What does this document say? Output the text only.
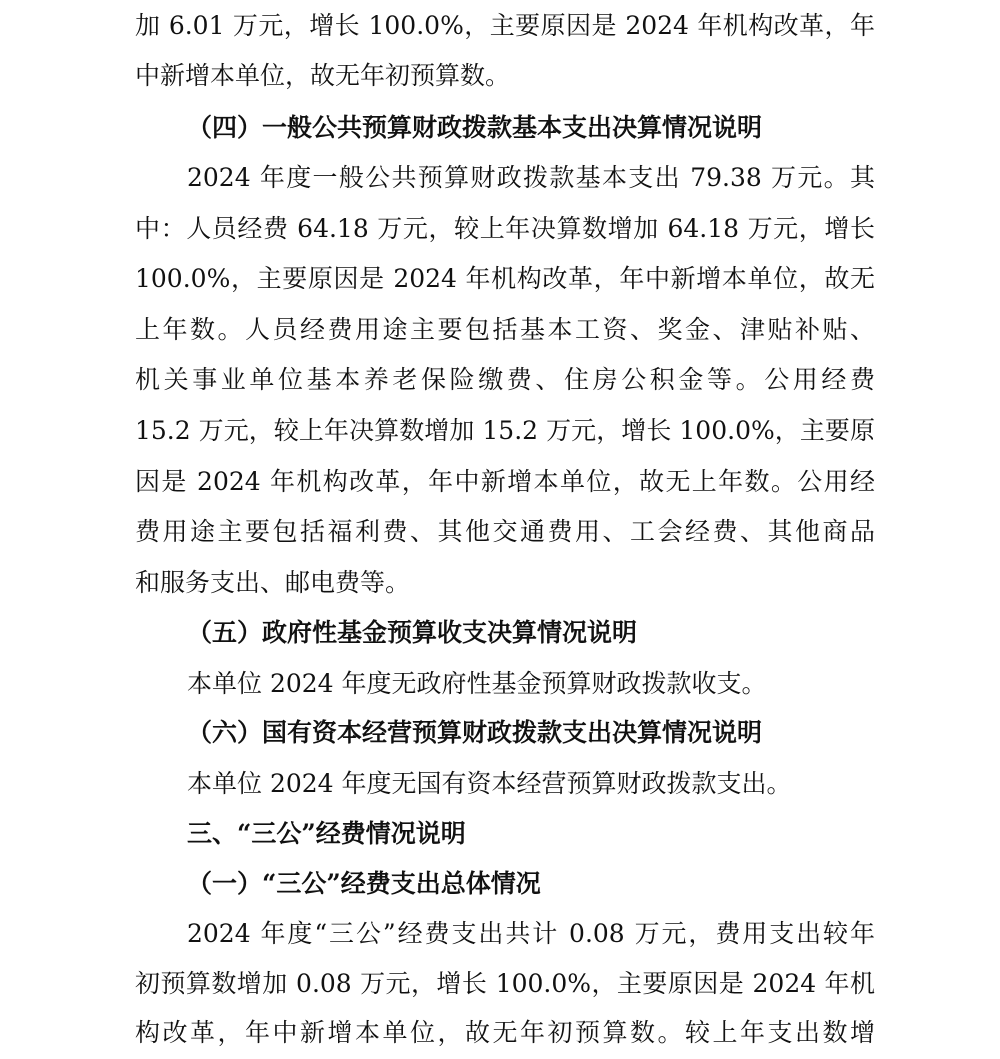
加 6.01 万元，增长 100.0%，主要原因是 2024 年机构改革，年
中新增本单位，故无年初预算数。
（四）一般公共预算财政拨款基本支出决算情况说明
2024 年度一般公共预算财政拨款基本支出 79.38 万元。其
中：人员经费 64.18 万元，较上年决算数增加 64.18 万元，增长
100.0%，主要原因是 2024 年机构改革，年中新增本单位，故无
上年数。人员经费用途主要包括基本工资、奖金、津贴补贴、
机关事业单位基本养老保险缴费、住房公积金等。公用经费
15.2 万元，较上年决算数增加 15.2 万元，增长 100.0%，主要原
因是 2024 年机构改革，年中新增本单位，故无上年数。公用经
费用途主要包括福利费、其他交通费用、工会经费、其他商品
和服务支出、邮电费等。
（五）政府性基金预算收支决算情况说明
本单位 2024 年度无政府性基金预算财政拨款收支。
（六）国有资本经营预算财政拨款支出决算情况说明
本单位 2024 年度无国有资本经营预算财政拨款支出。
三、“三公”经费情况说明
（一）“三公”经费支出总体情况
2024 年度“三公”经费支出共计 0.08 万元，费用支出较年
初预算数增加 0.08 万元，增长 100.0%，主要原因是 2024 年机
构改革，年中新增本单位，故无年初预算数。较上年支出数增
